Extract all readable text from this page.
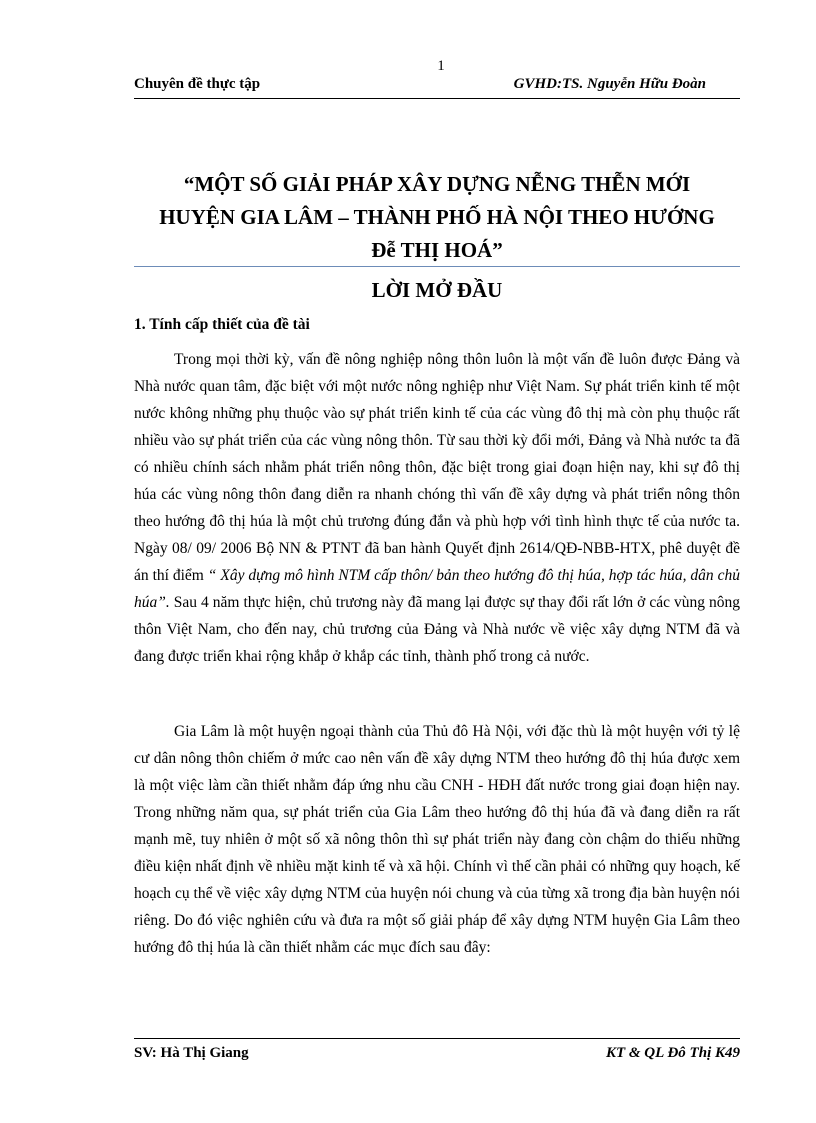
1
Chuyên đề thực tập	GVHD:TS. Nguyễn Hữu Đoàn
“MỘT SỐ GIẢI PHÁP XÂY DỰNG NỄNG THỄN MỚI
HUYỆN GIA LÂM – THÀNH PHỐ HÀ NỘI THEO HƯỚNG
Đễ THỊ HOÁ”
LỜI MỞ ĐẦU
1. Tính cấp thiết của đề tài

Trong mọi thời kỳ, vấn đề nông nghiệp nông thôn luôn là một vấn đề luôn được Đảng và Nhà nước quan tâm, đặc biệt với một nước nông nghiệp như Việt Nam. Sự phát triển kinh tế một nước không những phụ thuộc vào sự phát triển kinh tế của các vùng đô thị mà còn phụ thuộc rất nhiều vào sự phát triển của các vùng nông thôn. Từ sau thời kỳ đổi mới, Đảng và Nhà nước ta đã có nhiều chính sách nhằm phát triển nông thôn, đặc biệt trong giai đoạn hiện nay, khi sự đô thị húa các vùng nông thôn đang diễn ra nhanh chóng thì vấn đề xây dựng và phát triển nông thôn theo hướng đô thị húa là một chủ trương đúng đắn và phù hợp với tình hình thực tế của nước ta. Ngày 08/ 09/ 2006 Bộ NN & PTNT đã ban hành Quyết định 2614/QĐ-NBB-HTX, phê duyệt đề án thí điểm “ Xây dựng mô hình NTM cấp thôn/ bản theo hướng đô thị húa, hợp tác húa, dân chủ húa”. Sau 4 năm thực hiện, chủ trương này đã mang lại được sự thay đổi rất lớn ở các vùng nông thôn Việt Nam, cho đến nay, chủ trương của Đảng và Nhà nước về việc xây dựng NTM đã và đang được triển khai rộng khắp ở khắp các tỉnh, thành phố trong cả nước.

Gia Lâm là một huyện ngoại thành của Thủ đô Hà Nội, với đặc thù là một huyện với tỷ lệ cư dân nông thôn chiếm ở mức cao nên vấn đề xây dựng NTM theo hướng đô thị húa được xem là một việc làm cần thiết nhằm đáp ứng nhu cầu CNH - HĐH đất nước trong giai đoạn hiện nay. Trong những năm qua, sự phát triển của Gia Lâm theo hướng đô thị húa đã và đang diễn ra rất mạnh mẽ, tuy nhiên ở một số xã nông thôn thì sự phát triển này đang còn chậm do thiếu những điều kiện nhất định về nhiều mặt kinh tế và xã hội. Chính vì thế cần phải có những quy hoạch, kế hoạch cụ thể về việc xây dựng NTM của huyện nói chung và của từng xã trong địa bàn huyện nói riêng. Do đó việc nghiên cứu và đưa ra một số giải pháp để xây dựng NTM huyện Gia Lâm theo hướng đô thị húa là cần thiết nhằm các mục đích sau đây:

SV: Hà Thị Giang	KT & QL Đô Thị K49
